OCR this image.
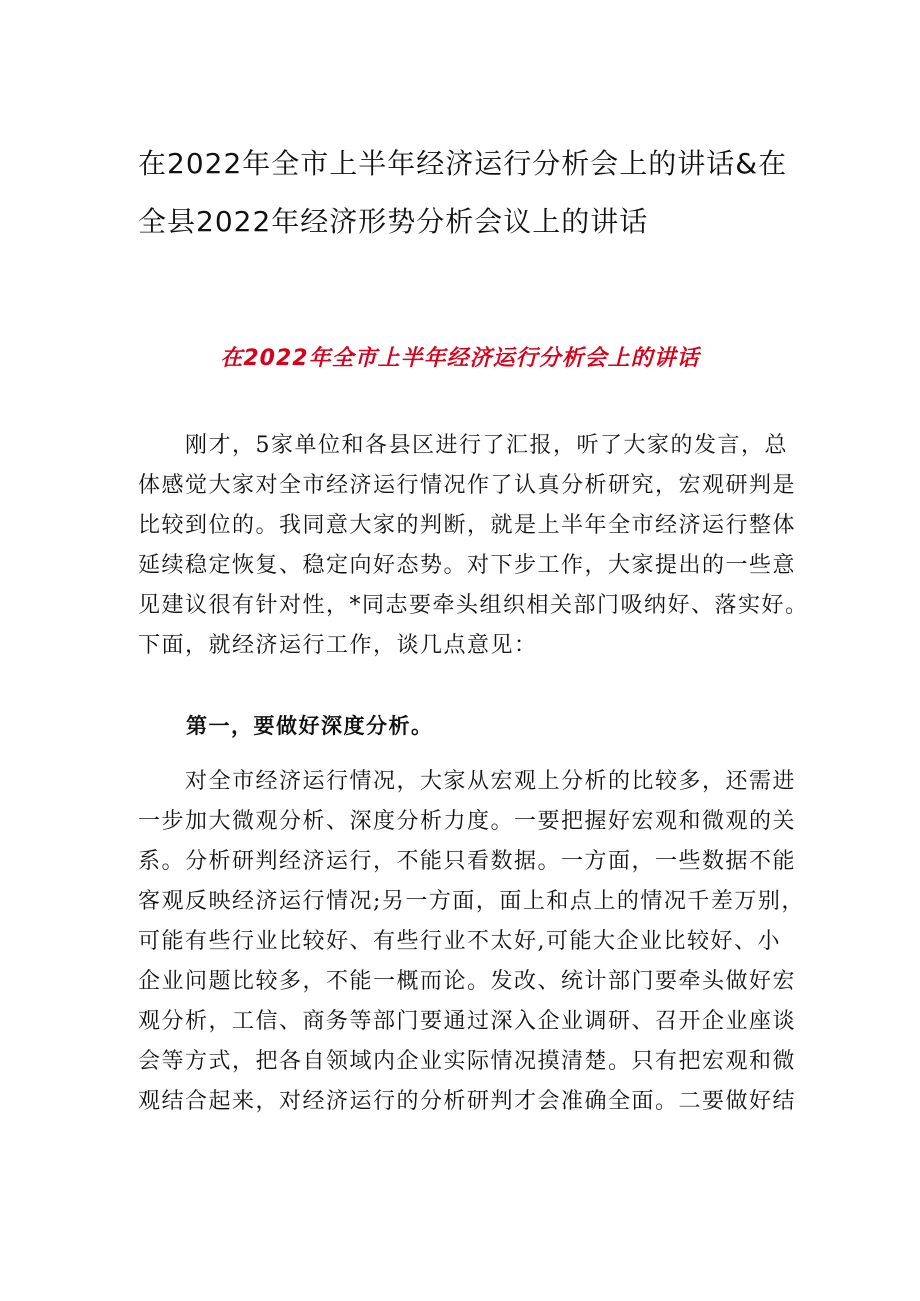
在2022年全市上半年经济运行分析会上的讲话&在
全县2022年经济形势分析会议上的讲话
在2022年全市上半年经济运行分析会上的讲话
　　刚才，5家单位和各县区进行了汇报，听了大家的发言，总
体感觉大家对全市经济运行情况作了认真分析研究，宏观研判是
比较到位的。我同意大家的判断，就是上半年全市经济运行整体
延续稳定恢复、稳定向好态势。对下步工作，大家提出的一些意
见建议很有针对性，*同志要牵头组织相关部门吸纳好、落实好。
下面，就经济运行工作，谈几点意见：
第一，要做好深度分析。
　　对全市经济运行情况，大家从宏观上分析的比较多，还需进
一步加大微观分析、深度分析力度。一要把握好宏观和微观的关
系。分析研判经济运行，不能只看数据。一方面，一些数据不能
客观反映经济运行情况;另一方面，面上和点上的情况千差万别，
可能有些行业比较好、有些行业不太好,可能大企业比较好、小
企业问题比较多，不能一概而论。发改、统计部门要牵头做好宏
观分析，工信、商务等部门要通过深入企业调研、召开企业座谈
会等方式，把各自领域内企业实际情况摸清楚。只有把宏观和微
观结合起来，对经济运行的分析研判才会准确全面。二要做好结
